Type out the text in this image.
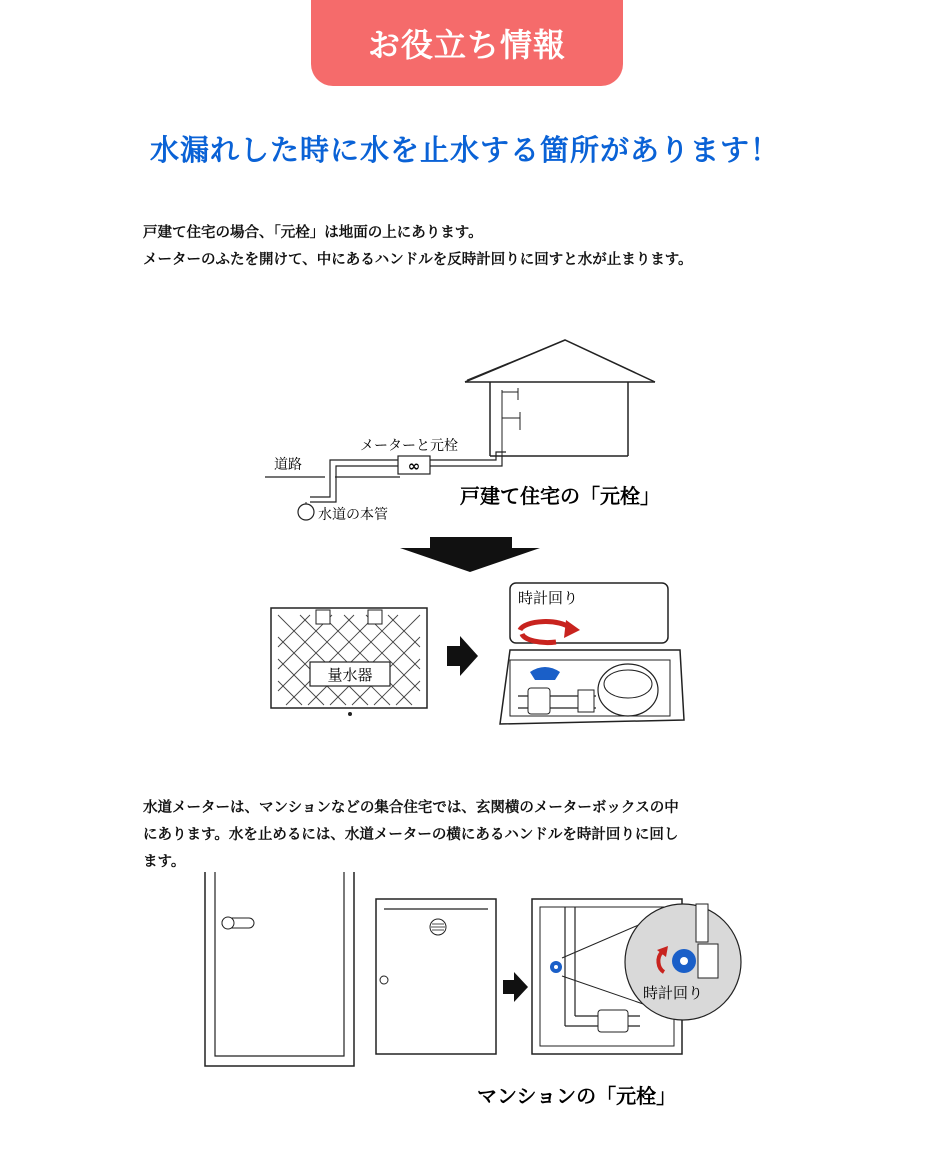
お役立ち情報
水漏れした時に水を止水する箇所があります！
戸建て住宅の場合、「元栓」は地面の上にあります。
メーターのふたを開けて、中にあるハンドルを反時計回りに回すと水が止まります。
∞
道路
メーターと元栓
水道の本管
戸建て住宅の「元栓」
量水器
時計回り
水道メーターは、マンションなどの集合住宅では、玄関横のメーターボックスの中
にあります。水を止めるには、水道メーターの横にあるハンドルを時計回りに回し
ます。
時計回り
マンションの「元栓」
